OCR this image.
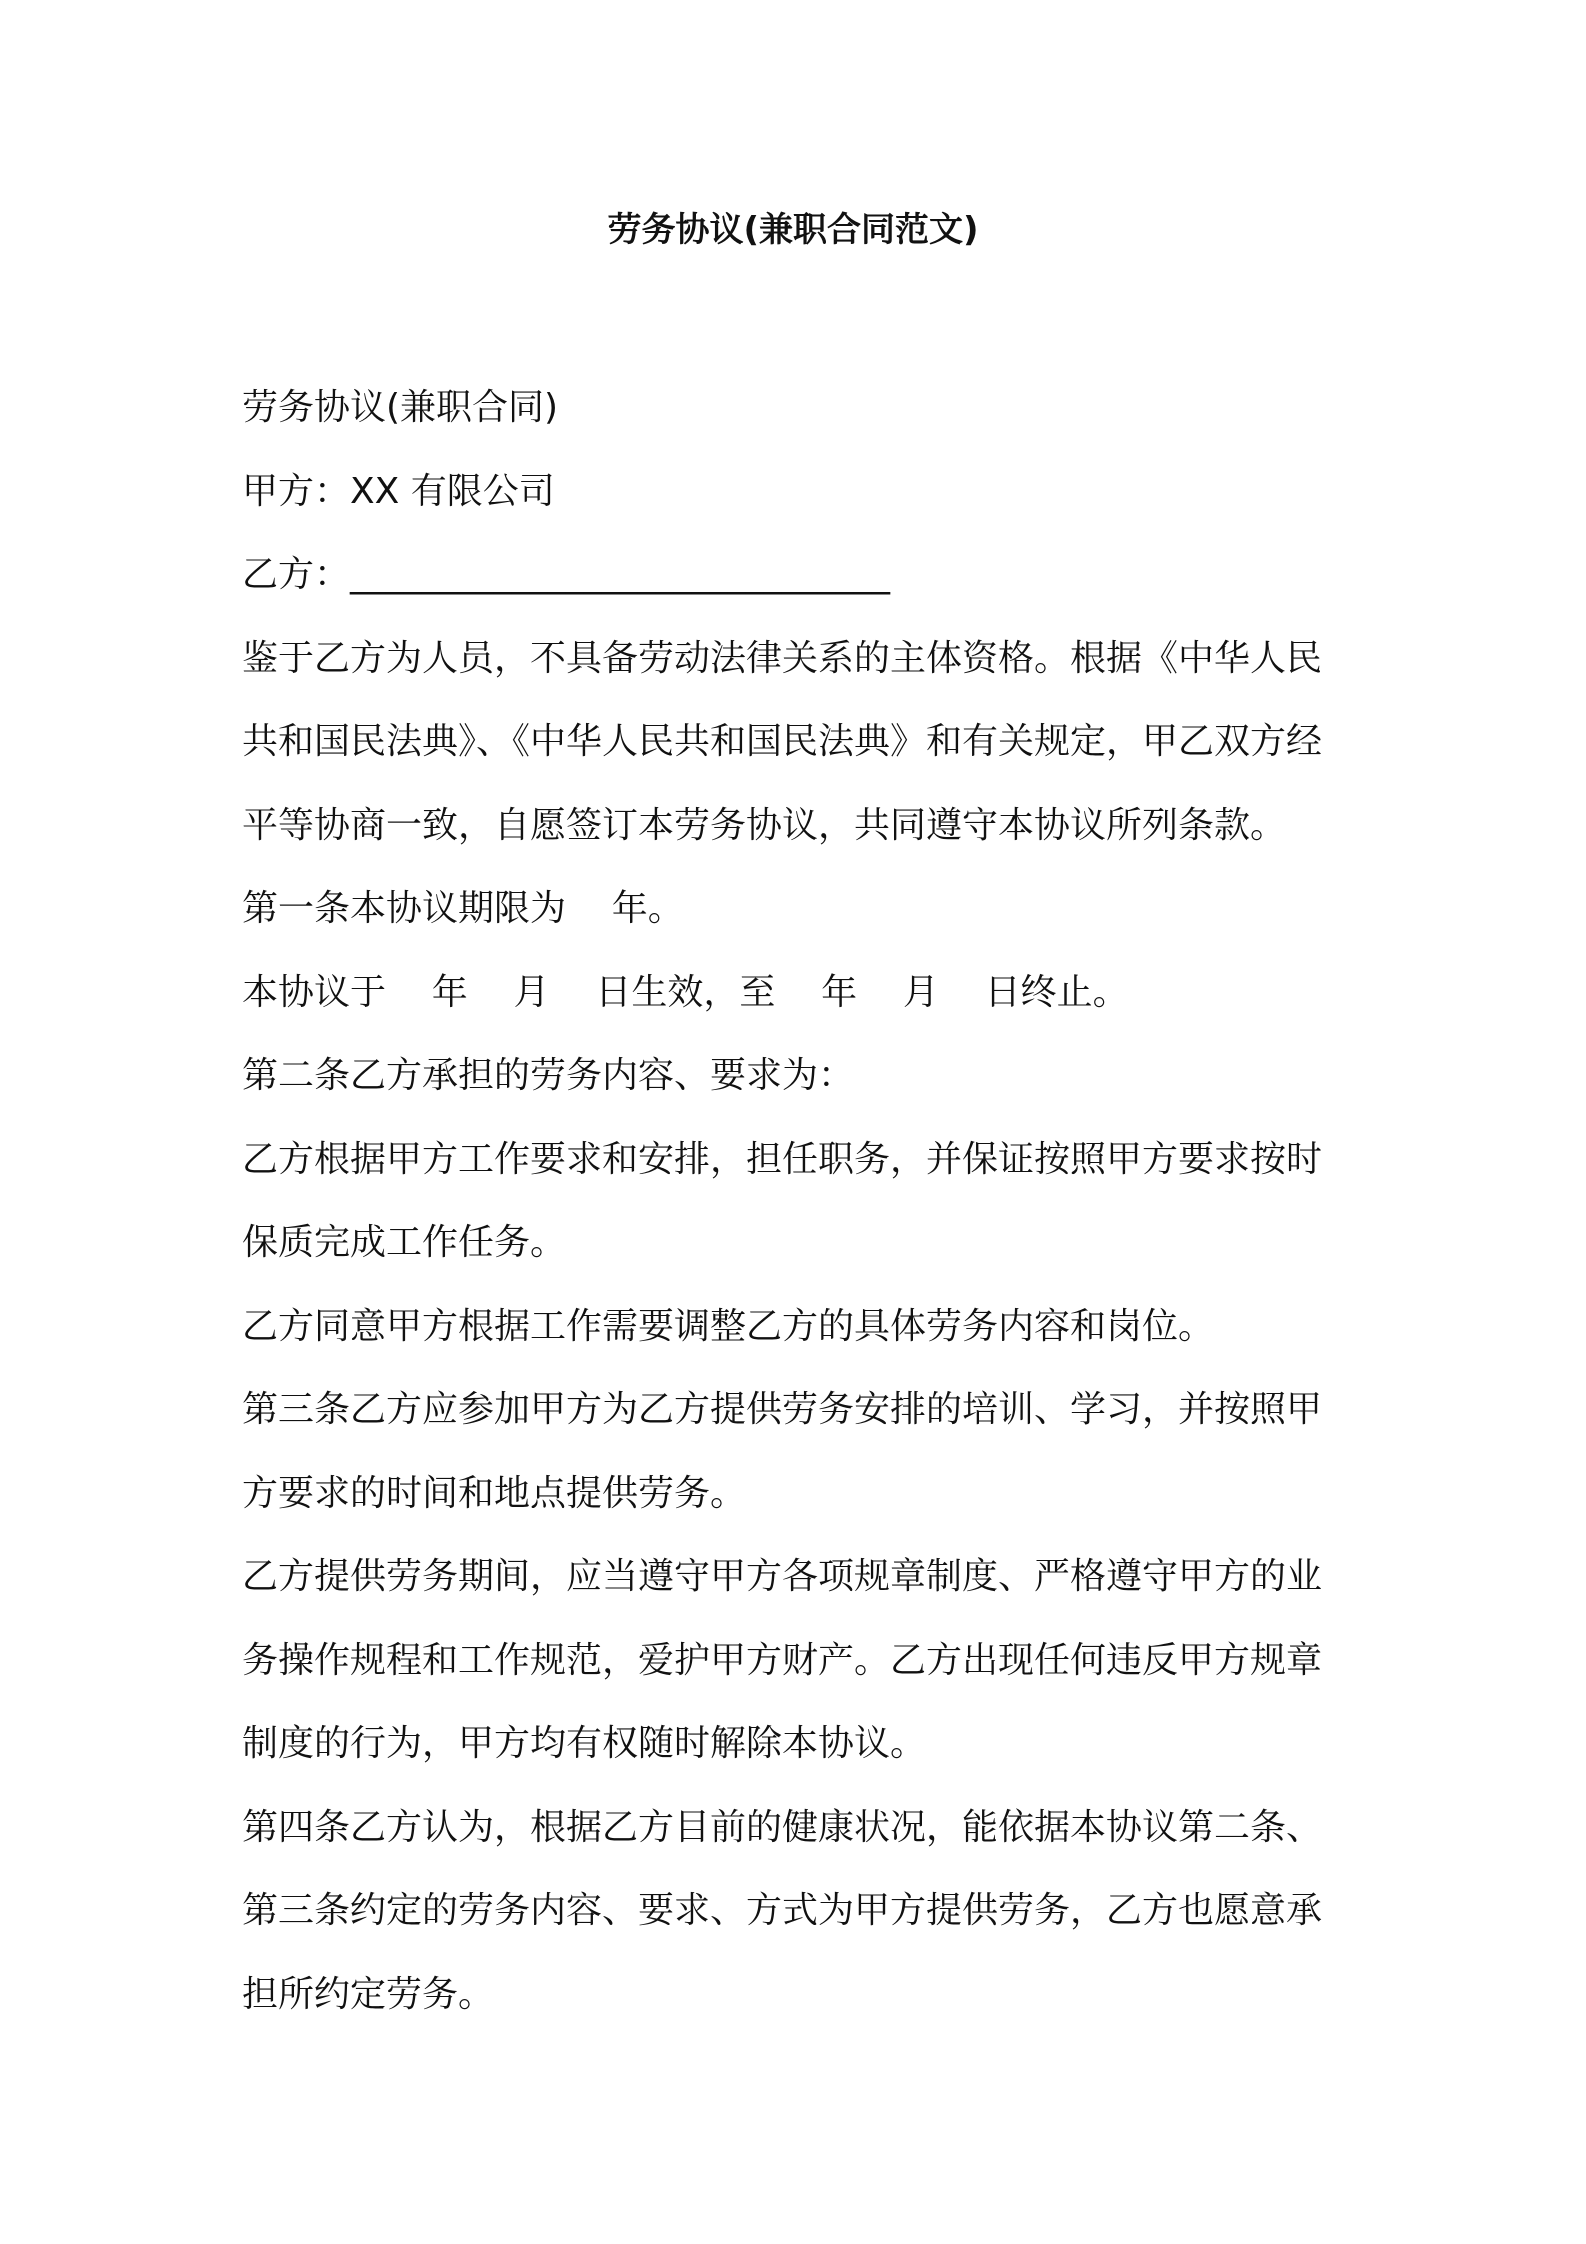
劳务协议(兼职合同范文)
劳务协议(兼职合同)
甲方：XX 有限公司
乙方：______________________________
鉴于乙方为人员，不具备劳动法律关系的主体资格。根据《中华人民
共和国民法典》、《中华人民共和国民法典》和有关规定，甲乙双方经
平等协商一致，自愿签订本劳务协议，共同遵守本协议所列条款。
第一条本协议期限为    年。
本协议于    年    月    日生效，至    年    月    日终止。
第二条乙方承担的劳务内容、要求为：
乙方根据甲方工作要求和安排，担任职务，并保证按照甲方要求按时
保质完成工作任务。
乙方同意甲方根据工作需要调整乙方的具体劳务内容和岗位。
第三条乙方应参加甲方为乙方提供劳务安排的培训、学习，并按照甲
方要求的时间和地点提供劳务。
乙方提供劳务期间，应当遵守甲方各项规章制度、严格遵守甲方的业
务操作规程和工作规范，爱护甲方财产。乙方出现任何违反甲方规章
制度的行为，甲方均有权随时解除本协议。
第四条乙方认为，根据乙方目前的健康状况，能依据本协议第二条、
第三条约定的劳务内容、要求、方式为甲方提供劳务，乙方也愿意承
担所约定劳务。
